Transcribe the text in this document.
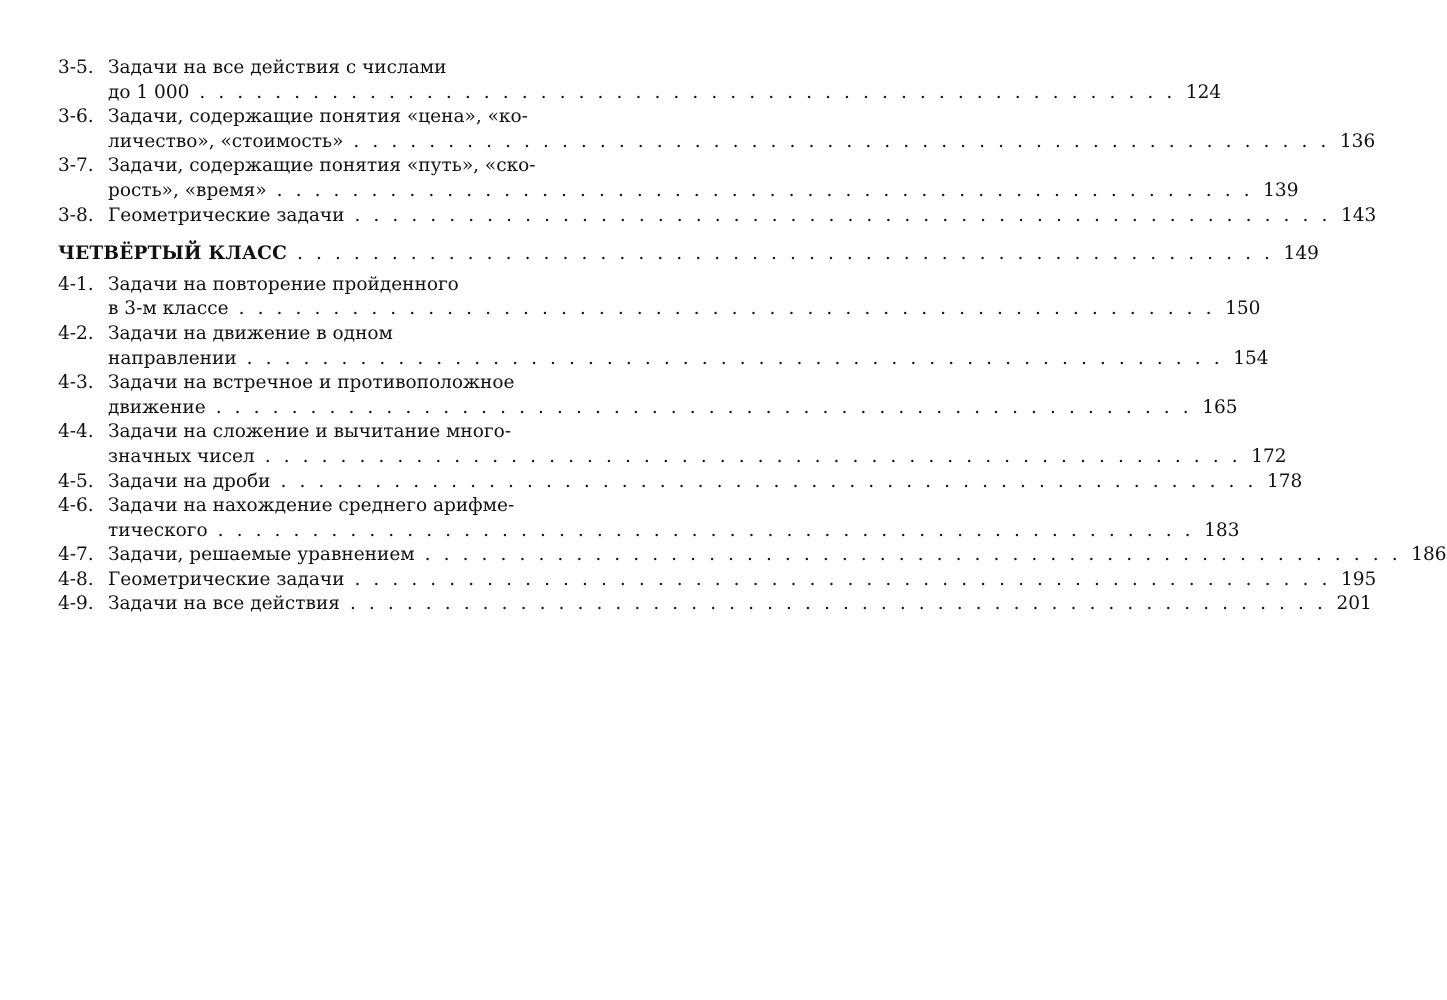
3-5. Задачи на все действия с числами
до 1 000 . . . . . . . . . . . . . . . . . . . . . . . . . . . . . . . . . . . . . . . . . . . . . . . . . . . . 124
3-6. Задачи, содержащие понятия «цена», «ко-
личество», «стоимость» . . . . . . . . . . . . . . . . . . . . . . . . . . . . . . . . . . . . . . . . . . . . . . . . . . . . 136
3-7. Задачи, содержащие понятия «путь», «ско-
рость», «время» . . . . . . . . . . . . . . . . . . . . . . . . . . . . . . . . . . . . . . . . . . . . . . . . . . . . 139
3-8. Геометрические задачи . . . . . . . . . . . . . . . . . . . . . . . . . . . . . . . . . . . . . . . . . . . . . . . . . . . . 143
ЧЕТВЁРТЫЙ КЛАСС . . . . . . . . . . . . . . . . . . . . . . . . . . . . . . . . . . . . . . . . . . . . . . . . . . . . 149
4-1. Задачи на повторение пройденного
в 3-м классе . . . . . . . . . . . . . . . . . . . . . . . . . . . . . . . . . . . . . . . . . . . . . . . . . . . . 150
4-2. Задачи на движение в одном
направлении . . . . . . . . . . . . . . . . . . . . . . . . . . . . . . . . . . . . . . . . . . . . . . . . . . . . 154
4-3. Задачи на встречное и противоположное
движение . . . . . . . . . . . . . . . . . . . . . . . . . . . . . . . . . . . . . . . . . . . . . . . . . . . . 165
4-4. Задачи на сложение и вычитание много-
значных чисел . . . . . . . . . . . . . . . . . . . . . . . . . . . . . . . . . . . . . . . . . . . . . . . . . . . . 172
4-5. Задачи на дроби . . . . . . . . . . . . . . . . . . . . . . . . . . . . . . . . . . . . . . . . . . . . . . . . . . . . 178
4-6. Задачи на нахождение среднего арифме-
тического . . . . . . . . . . . . . . . . . . . . . . . . . . . . . . . . . . . . . . . . . . . . . . . . . . . . 183
4-7. Задачи, решаемые уравнением . . . . . . . . . . . . . . . . . . . . . . . . . . . . . . . . . . . . . . . . . . . . . . . . . . . . 186
4-8. Геометрические задачи . . . . . . . . . . . . . . . . . . . . . . . . . . . . . . . . . . . . . . . . . . . . . . . . . . . . 195
4-9. Задачи на все действия . . . . . . . . . . . . . . . . . . . . . . . . . . . . . . . . . . . . . . . . . . . . . . . . . . . . 201
